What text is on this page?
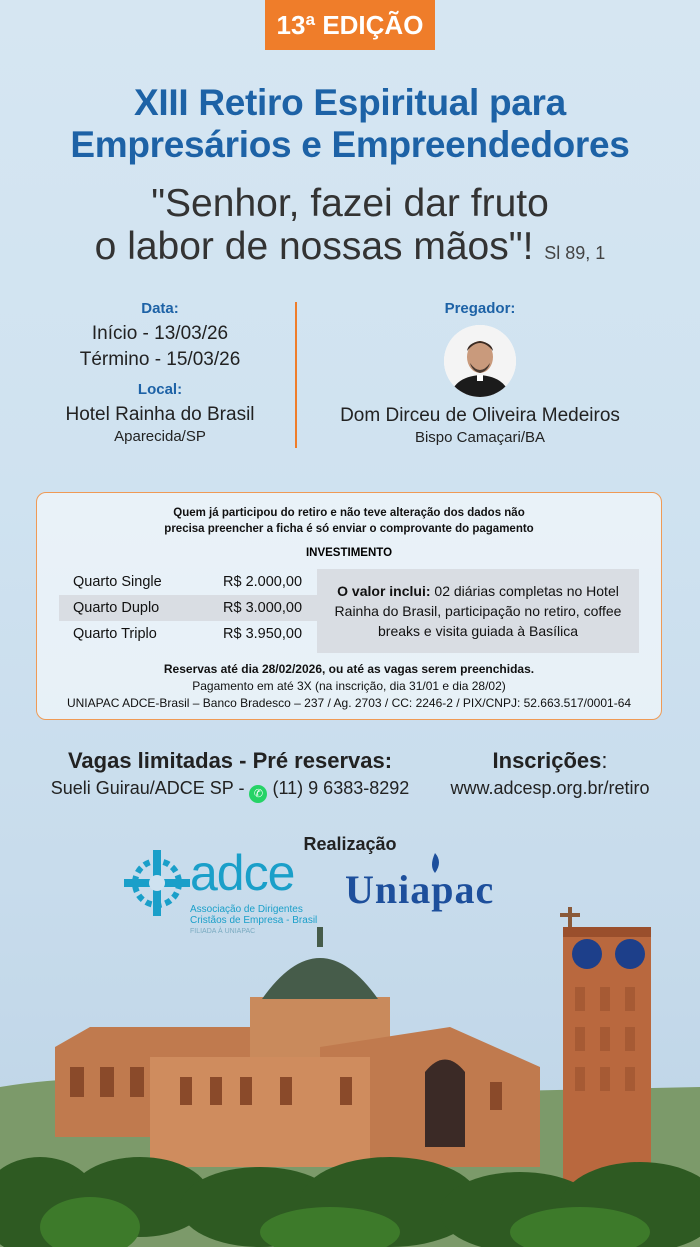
13ª EDIÇÃO
XIII Retiro Espiritual para
Empresários e Empreendedores
"Senhor, fazei dar fruto
o labor de nossas mãos"! Sl 89, 1
Data:
Início - 13/03/26
Término - 15/03/26
Local:
Hotel Rainha do Brasil
Aparecida/SP
Pregador:
Dom Dirceu de Oliveira Medeiros
Bispo Camaçari/BA
Quem já participou do retiro e não teve alteração dos dados não
precisa preencher a ficha é só enviar o comprovante do pagamento
INVESTIMENTO
Quarto Single	R$ 2.000,00
Quarto Duplo	R$ 3.000,00
Quarto Triplo	R$ 3.950,00
O valor inclui: 02 diárias completas no Hotel Rainha do Brasil, participação no retiro, coffee breaks e visita guiada à Basílica
Reservas até dia 28/02/2026, ou até as vagas serem preenchidas.
Pagamento em até 3X (na inscrição, dia 31/01 e dia 28/02)
UNIAPAC ADCE-Brasil – Banco Bradesco – 237 / Ag. 2703 / CC: 2246-2 / PIX/CNPJ: 52.663.517/0001-64
Vagas limitadas - Pré reservas:
Sueli Guirau/ADCE SP - ✆ (11) 9 6383-8292
Inscrições:
www.adcesp.org.br/retiro
Realização
adce
Associação de Dirigentes
Cristãos de Empresa - Brasil
FILIADA À UNIAPAC
Uniapac
